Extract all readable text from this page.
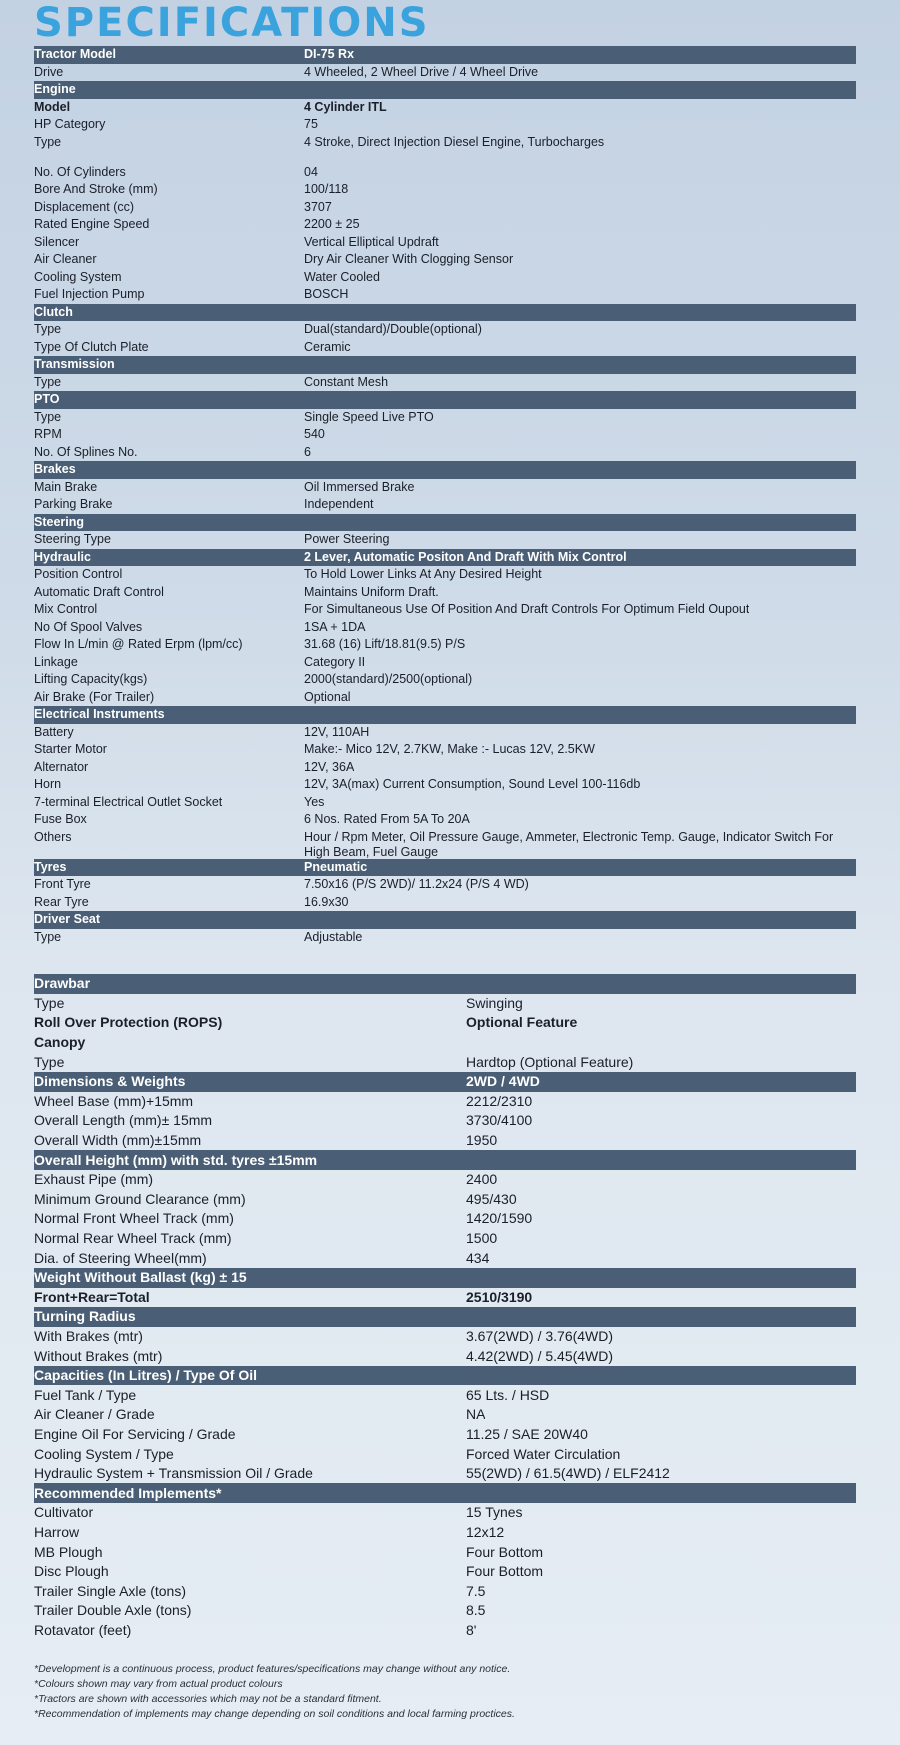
SPECIFICATIONS
Tractor Model	DI-75 Rx
Drive	4 Wheeled, 2 Wheel Drive / 4 Wheel Drive
Engine
Model	4 Cylinder ITL
HP Category	75
Type	4 Stroke, Direct Injection Diesel Engine, Turbocharges
No. Of Cylinders	04
Bore And Stroke (mm)	100/118
Displacement (cc)	3707
Rated Engine Speed	2200 ± 25
Silencer	Vertical Elliptical Updraft
Air Cleaner	Dry Air Cleaner With Clogging Sensor
Cooling System	Water Cooled
Fuel Injection Pump	BOSCH
Clutch
Type	Dual(standard)/Double(optional)
Type Of Clutch Plate	Ceramic
Transmission
Type	Constant Mesh
PTO
Type	Single Speed Live PTO
RPM	540
No. Of Splines No.	6
Brakes
Main Brake	Oil Immersed Brake
Parking Brake	Independent
Steering
Steering Type	Power Steering
Hydraulic	2 Lever, Automatic Positon And Draft With Mix Control
Position Control	To Hold Lower Links At Any Desired Height
Automatic Draft Control	Maintains Uniform Draft.
Mix Control	For Simultaneous Use Of Position And Draft Controls For Optimum Field Oupout
No Of Spool Valves	1SA + 1DA
Flow In L/min @ Rated Erpm (lpm/cc)	31.68 (16) Lift/18.81(9.5) P/S
Linkage	Category II
Lifting Capacity(kgs)	2000(standard)/2500(optional)
Air Brake (For Trailer)	Optional
Electrical Instruments
Battery	12V, 110AH
Starter Motor	Make:- Mico 12V, 2.7KW, Make :- Lucas 12V, 2.5KW
Alternator	12V, 36A
Horn	12V, 3A(max) Current Consumption, Sound Level 100-116db
7-terminal Electrical Outlet Socket	Yes
Fuse Box	6 Nos. Rated From 5A To 20A
Others	Hour / Rpm Meter, Oil Pressure Gauge, Ammeter, Electronic Temp. Gauge, Indicator Switch For High Beam, Fuel Gauge
Tyres	Pneumatic
Front Tyre	7.50x16 (P/S 2WD)/ 11.2x24 (P/S 4 WD)
Rear Tyre	16.9x30
Driver Seat
Type	Adjustable
Drawbar
Type	Swinging
Roll Over Protection (ROPS)	Optional Feature
Canopy
Type	Hardtop (Optional Feature)
Dimensions & Weights	2WD / 4WD
Wheel Base (mm)+15mm	2212/2310
Overall Length (mm)± 15mm	3730/4100
Overall Width (mm)±15mm	1950
Overall Height (mm) with std. tyres ±15mm
Exhaust Pipe (mm)	2400
Minimum Ground Clearance (mm)	495/430
Normal Front Wheel Track (mm)	1420/1590
Normal Rear Wheel Track (mm)	1500
Dia. of Steering Wheel(mm)	434
Weight Without Ballast (kg) ± 15
Front+Rear=Total	2510/3190
Turning Radius
With Brakes (mtr)	3.67(2WD) / 3.76(4WD)
Without Brakes (mtr)	4.42(2WD) / 5.45(4WD)
Capacities (In Litres) / Type Of Oil
Fuel Tank / Type	65 Lts. / HSD
Air Cleaner / Grade	NA
Engine Oil For Servicing / Grade	11.25 / SAE 20W40
Cooling System / Type	Forced Water Circulation
Hydraulic System + Transmission Oil / Grade	55(2WD) / 61.5(4WD) / ELF2412
Recommended Implements*
Cultivator	15 Tynes
Harrow	12x12
MB Plough	Four Bottom
Disc Plough	Four Bottom
Trailer Single Axle (tons)	7.5
Trailer Double Axle (tons)	8.5
Rotavator (feet)	8'
*Development is a continuous process, product features/specifications may change without any notice.
*Colours shown may vary from actual product colours
*Tractors are shown with accessories which may not be a standard fitment.
*Recommendation of implements may change depending on soil conditions and local farming proctices.
